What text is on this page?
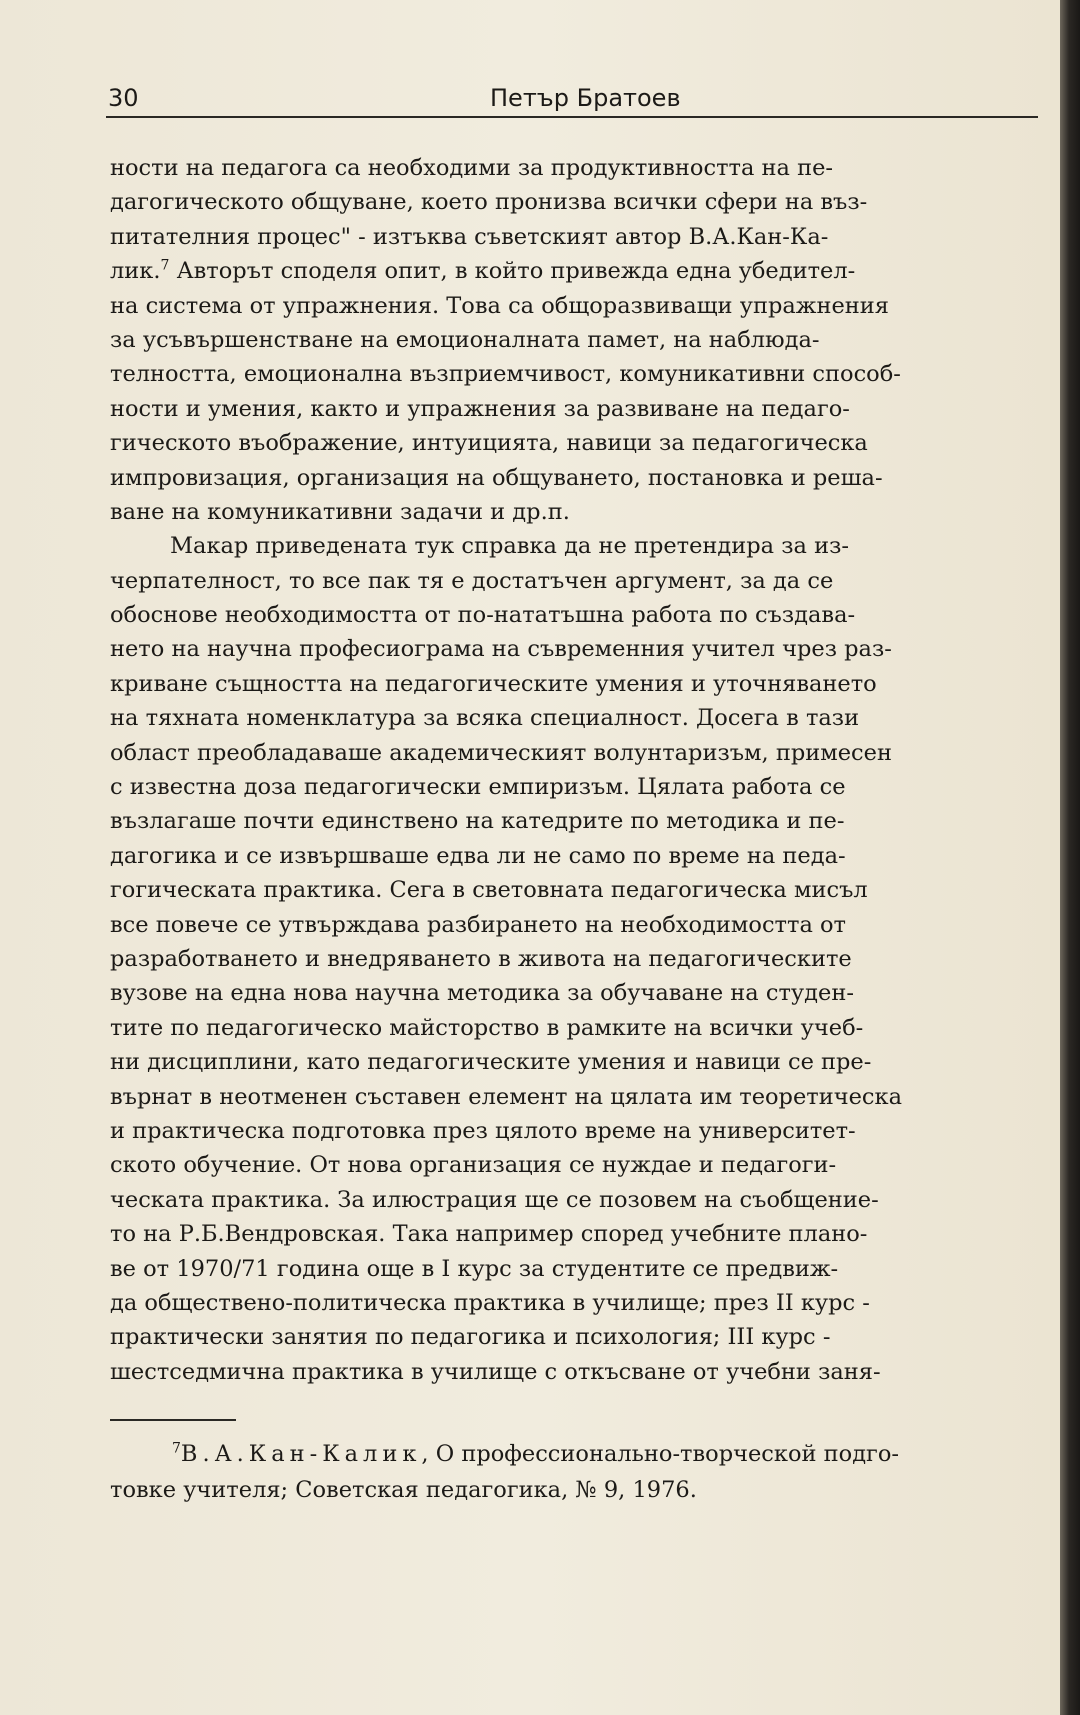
30	Петър Братоев
ности на педагога са необходими за продуктивността на пе-
дагогическото общуване, което пронизва всички сфери на въз-
питателния процес" - изтъква съветският автор В.А.Кан-Ка-
лик.$^7$ Авторът споделя опит, в който привежда една убедител-
на система от упражнения. Това са общоразвиващи упражнения
за усъвършенстване на емоционалната памет, на наблюда-
телността, емоционална възприемчивост, комуникативни способ-
ности и умения, както и упражнения за развиване на педаго-
гическото въображение, интуицията, навици за педагогическа
импровизация, организация на общуването, постановка и реша-
ване на комуникативни задачи и др.п.
Макар приведената тук справка да не претендира за из-
черпателност, то все пак тя е достатъчен аргумент, за да се
обоснове необходимостта от по-нататъшна работа по създава-
нето на научна професиограма на съвременния учител чрез раз-
криване същността на педагогическите умения и уточняването
на тяхната номенклатура за всяка специалност. Досега в тази
област преобладаваше академическият волунтаризъм, примесен
с известна доза педагогически емпиризъм. Цялата работа се
възлагаше почти единствено на катедрите по методика и пе-
дагогика и се извършваше едва ли не само по време на педа-
гогическата практика. Сега в световната педагогическа мисъл
все повече се утвърждава разбирането на необходимостта от
разработването и внедряването в живота на педагогическите
вузове на една нова научна методика за обучаване на студен-
тите по педагогическо майсторство в рамките на всички учеб-
ни дисциплини, като педагогическите умения и навици се пре-
върнат в неотменен съставен елемент на цялата им теоретическа
и практическа подготовка през цялото време на университет-
ското обучение. От нова организация се нуждае и педагоги-
ческата практика. За илюстрация ще се позовем на съобщение-
то на Р.Б.Вендровская. Така например според учебните плано-
ве от 1970/71 година още в I курс за студентите се предвиж-
да обществено-политическа практика в училище; през II курс -
практически занятия по педагогика и психология; III курс -
шестседмична практика в училище с откъсване от учебни заня-
$^7$В.А.Кан-Калик, О профессионально-творческой подго-
товке учителя; Советская педагогика, № 9, 1976.
